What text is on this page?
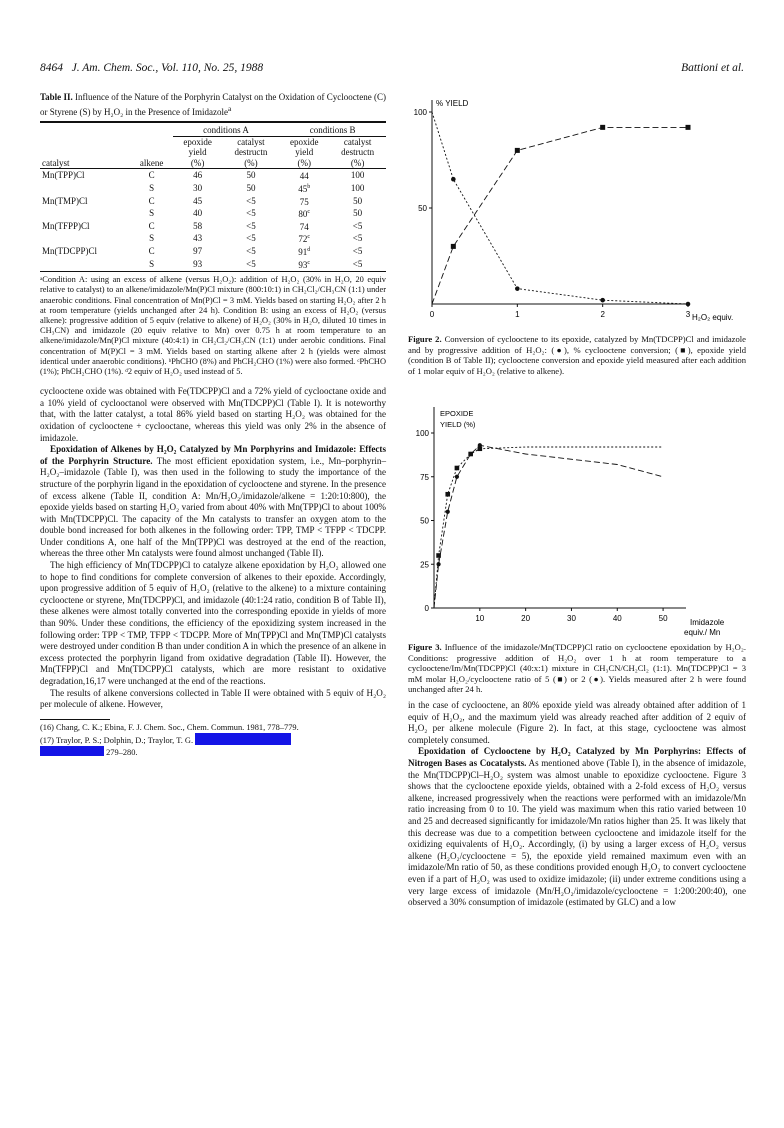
8464 J. Am. Chem. Soc., Vol. 110, No. 25, 1988	Battioni et al.
Table II. Influence of the Nature of the Porphyrin Catalyst on the Oxidation of Cyclooctene (C) or Styrene (S) by H₂O₂ in the Presence of Imidazole$^a$

		conditions A		conditions B	
		epoxide	catalyst	epoxide	catalyst
		yield	destructn	yield	destructn
catalyst	alkene	(%)	(%)	(%)	(%)
Mn(TPP)Cl	C	46	50	44	100
	S	30	50	45$^b$	100
Mn(TMP)Cl	C	45	<5	75	50
	S	40	<5	80$^c$	50
Mn(TFPP)Cl	C	58	<5	74	<5
	S	43	<5	$72^c$	<5
Mn(TDCPP)Cl	C	97	<5	$91^d$	<5
	S	93	<5	$93^c$	<5
ᵃCondition A: using an excess of alkene (versus H₂O₂): addition of H₂O₂ (30% in H₂O, 20 equiv relative to catalyst) to an alkene/imidazole/Mn(P)Cl mixture (800:10:1) in CH₂Cl₂/CH₃CN (1:1) under anaerobic conditions. Final concentration of Mn(P)Cl = 3 mM. Yields based on starting H₂O₂ after 2 h at room temperature (yields unchanged after 24 h). Condition B: using an excess of H₂O₂ (versus alkene): progressive addition of 5 equiv (relative to alkene) of H₂O₂ (30% in H₂O, diluted 10 times in CH₃CN) and imidazole (20 equiv relative to Mn) over 0.75 h at room temperature to an alkene/imidazole/Mn(P)Cl mixture (40:4:1) in CH₂Cl₂/CH₃CN (1:1) under aerobic conditions. Final concentration of M(P)Cl = 3 mM. Yields based on starting alkene after 2 h (yields were almost identical under anaerobic conditions). ᵇPhCHO (8%) and PhCH₂CHO (1%) were also formed. ᶜPhCHO (1%); PhCH₂CHO (1%). ᵈ2 equiv of H₂O₂ used instead of 5.

cyclooctene oxide was obtained with Fe(TDCPP)Cl and a 72% yield of cyclooctane oxide and a 10% yield of cyclooctanol were observed with Mn(TDCPP)Cl (Table I). It is noteworthy that, with the latter catalyst, a total 86% yield based on starting H₂O₂ was obtained for the oxidation of cyclooctene + cyclooctane, whereas this yield was only 2% in the absence of imidazole.

Epoxidation of Alkenes by H₂O₂ Catalyzed by Mn Porphyrins and Imidazole: Effects of the Porphyrin Structure. The most efficient epoxidation system, i.e., Mn–porphyrin–H₂O₂–imidazole (Table I), was then used in the following to study the importance of the structure of the porphyrin ligand in the epoxidation of cyclooctene and styrene. In the presence of excess alkene (Table II, condition A: Mn/H₂O₂/imidazole/alkene = 1:20:10:800), the epoxide yields based on starting H₂O₂ varied from about 40% with Mn(TPP)Cl to about 100% with Mn(TDCPP)Cl. The capacity of the Mn catalysts to transfer an oxygen atom to the double bond increased for both alkenes in the following order: TPP, TMP < TFPP < TDCPP. Under conditions A, one half of the Mn(TPP)Cl was destroyed at the end of the reaction, whereas the three other Mn catalysts were found almost unchanged (Table II).

The high efficiency of Mn(TDCPP)Cl to catalyze alkene epoxidation by H₂O₂ allowed one to hope to find conditions for complete conversion of alkenes to their epoxide. Accordingly, upon progressive addition of 5 equiv of H₂O₂ (relative to the alkene) to a mixture containing cyclooctene or styrene, Mn(TDCPP)Cl, and imidazole (40:1:24 ratio, condition B of Table II), these alkenes were almost totally converted into the corresponding epoxide in yields of more than 90%. Under these conditions, the efficiency of the epoxidizing system increased in the following order: TPP < TMP, TFPP < TDCPP. More of Mn(TPP)Cl and Mn(TMP)Cl catalysts were destroyed under condition B than under condition A in which the presence of an alkene in excess protected the porphyrin ligand from oxidative degradation (Table II). However, the Mn(TFPP)Cl and Mn(TDCPP)Cl catalysts, which are more resistant to oxidative degradation,16,17 were unchanged at the end of the reactions.

The results of alkene conversions collected in Table II were obtained with 5 equiv of H₂O₂ per molecule of alkene. However,

(16) Chang, C. K.; Ebina, F. J. Chem. Soc., Chem. Commun. 1981, 778–779.
(17) Traylor, P. S.; Dolphin, D.; Traylor, T. G.
279–280.
% YIELD
H₂O₂ equiv.
50
100
0	1	2	3
Figure 2. Conversion of cyclooctene to its epoxide, catalyzed by Mn(TDCPP)Cl and imidazole and by progressive addition of H₂O₂: (●), % cyclooctene conversion; (■), epoxide yield (condition B of Table II); cyclooctene conversion and epoxide yield measured after each addition of 1 molar equiv of H₂O₂ (relative to alkene).
EPOXIDE
YIELD (%)
Imidazole
equiv./ Mn
0
25
50
75
100
10	20	30	40	50
Figure 3. Influence of the imidazole/Mn(TDCPP)Cl ratio on cyclooctene epoxidation by H₂O₂. Conditions: progressive addition of H₂O₂ over 1 h at room temperature to a cyclooctene/Im/Mn(TDCPP)Cl (40:x:1) mixture in CH₃CN/CH₂Cl₂ (1:1). Mn(TDCPP)Cl = 3 mM molar H₂O₂/cyclooctene ratio of 5 (■) or 2 (●). Yields measured after 2 h were found unchanged after 24 h.

in the case of cyclooctene, an 80% epoxide yield was already obtained after addition of 1 equiv of H₂O₂, and the maximum yield was already reached after addition of 2 equiv of H₂O₂ per alkene molecule (Figure 2). In fact, at this stage, cyclooctene was almost completely consumed.

Epoxidation of Cyclooctene by H₂O₂ Catalyzed by Mn Porphyrins: Effects of Nitrogen Bases as Cocatalysts. As mentioned above (Table I), in the absence of imidazole, the Mn(TDCPP)Cl–H₂O₂ system was almost unable to epoxidize cyclooctene. Figure 3 shows that the cyclooctene epoxide yields, obtained with a 2-fold excess of H₂O₂ versus alkene, increased progressively when the reactions were performed with an imidazole/Mn ratio increasing from 0 to 10. The yield was maximum when this ratio varied between 10 and 25 and decreased significantly for imidazole/Mn ratios higher than 25. It was likely that this decrease was due to a competition between cyclooctene and imidazole itself for the oxidizing equivalents of H₂O₂. Accordingly, (i) by using a larger excess of H₂O₂ versus alkene (H₂O₂/cyclooctene = 5), the epoxide yield remained maximum even with an imidazole/Mn ratio of 50, as these conditions provided enough H₂O₂ to convert cyclooctene even if a part of H₂O₂ was used to oxidize imidazole; (ii) under extreme conditions using a very large excess of imidazole (Mn/H₂O₂/imidazole/cyclooctene = 1:200:200:40), one observed a 30% consumption of imidazole (estimated by GLC) and a low
